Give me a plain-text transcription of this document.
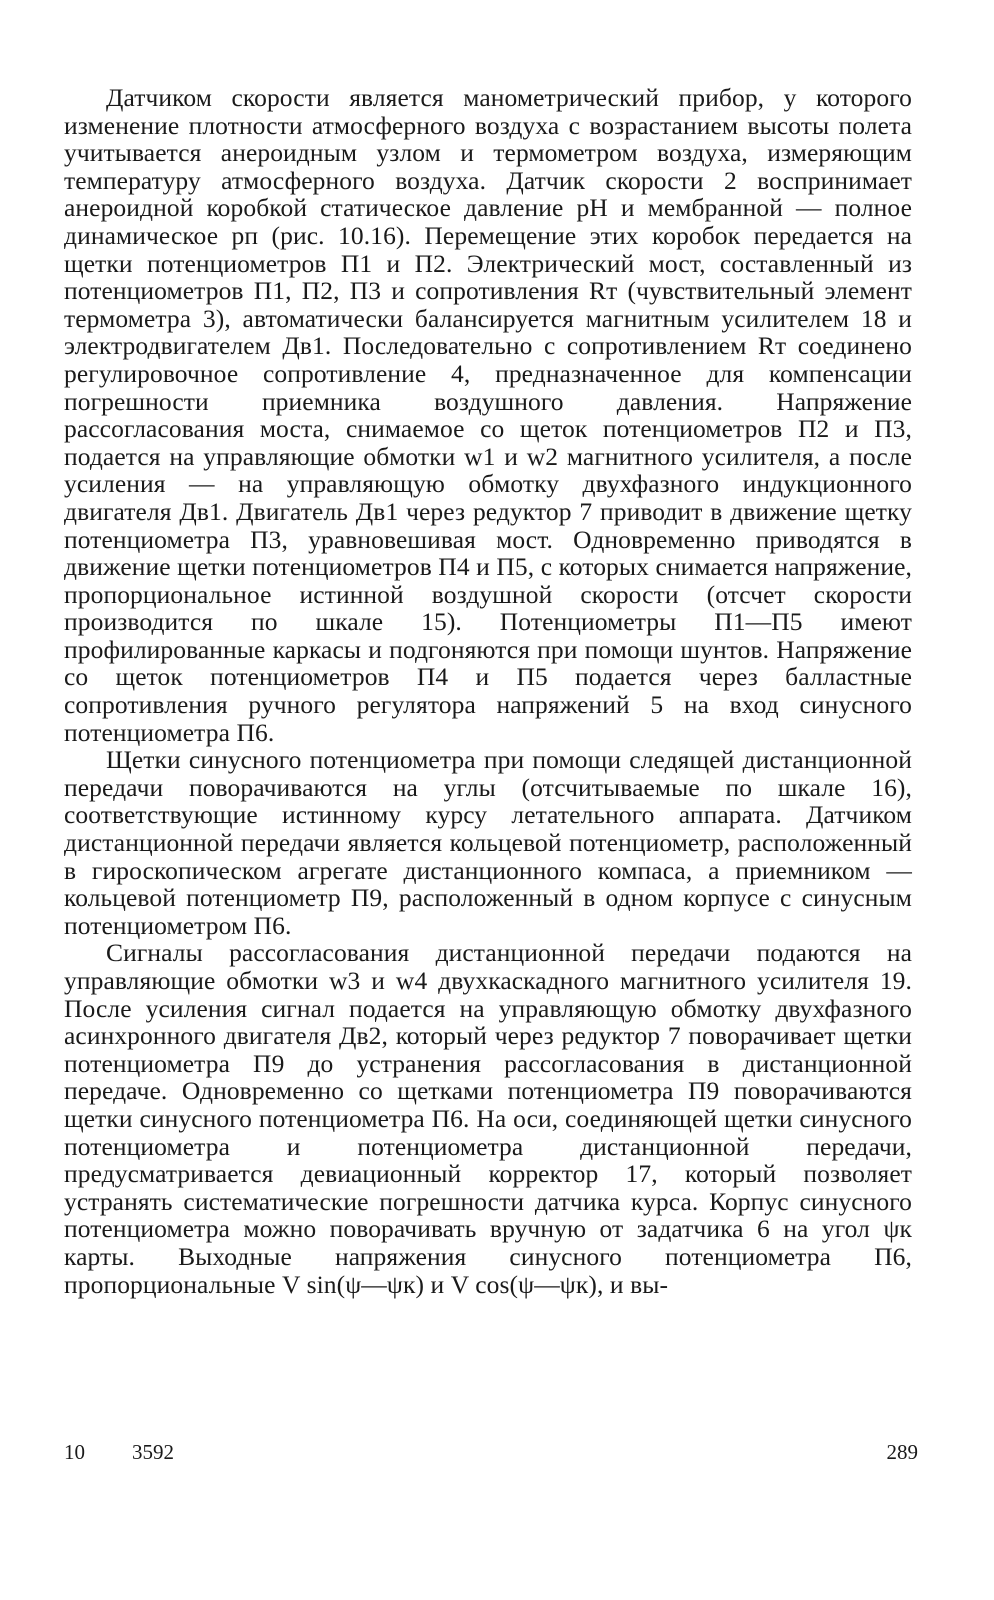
Датчиком скорости является манометрический прибор, у которого изменение плотности атмосферного воздуха с возрастанием высоты полета учитывается анероидным узлом и термометром воздуха, измеряющим температуру атмосферного воздуха. Датчик скорости 2 воспринимает анероидной коробкой статическое давление pH и мембранной — полное динамическое pп (рис. 10.16). Перемещение этих коробок передается на щетки потенциометров П1 и П2. Электрический мост, составленный из потенциометров П1, П2, П3 и сопротивления Rт (чувствительный элемент термометра 3), автоматически балансируется магнитным усилителем 18 и электродвигателем Дв1. Последовательно с сопротивлением Rт соединено регулировочное сопротивление 4, предназначенное для компенсации погрешности приемника воздушного давления. Напряжение рассогласования моста, снимаемое со щеток потенциометров П2 и П3, подается на управляющие обмотки w1 и w2 магнитного усилителя, а после усиления — на управляющую обмотку двухфазного индукционного двигателя Дв1. Двигатель Дв1 через редуктор 7 приводит в движение щетку потенциометра П3, уравновешивая мост. Одновременно приводятся в движение щетки потенциометров П4 и П5, с которых снимается напряжение, пропорциональное истинной воздушной скорости (отсчет скорости производится по шкале 15). Потенциометры П1—П5 имеют профилированные каркасы и подгоняются при помощи шунтов. Напряжение со щеток потенциометров П4 и П5 подается через балластные сопротивления ручного регулятора напряжений 5 на вход синусного потенциометра П6.

Щетки синусного потенциометра при помощи следящей дистанционной передачи поворачиваются на углы (отсчитываемые по шкале 16), соответствующие истинному курсу летательного аппарата. Датчиком дистанционной передачи является кольцевой потенциометр, расположенный в гироскопическом агрегате дистанционного компаса, а приемником — кольцевой потенциометр П9, расположенный в одном корпусе с синусным потенциометром П6.

Сигналы рассогласования дистанционной передачи подаются на управляющие обмотки w3 и w4 двухкаскадного магнитного усилителя 19. После усиления сигнал подается на управляющую обмотку двухфазного асинхронного двигателя Дв2, который через редуктор 7 поворачивает щетки потенциометра П9 до устранения рассогласования в дистанционной передаче. Одновременно со щетками потенциометра П9 поворачиваются щетки синусного потенциометра П6. На оси, соединяющей щетки синусного потенциометра и потенциометра дистанционной передачи, предусматривается девиационный корректор 17, который позволяет устранять систематические погрешности датчика курса. Корпус синусного потенциометра можно поворачивать вручную от задатчика 6 на угол ψк карты. Выходные напряжения синусного потенциометра П6, пропорциональные V sin(ψ—ψк) и V cos(ψ—ψк), и вы-

10 3592	289
